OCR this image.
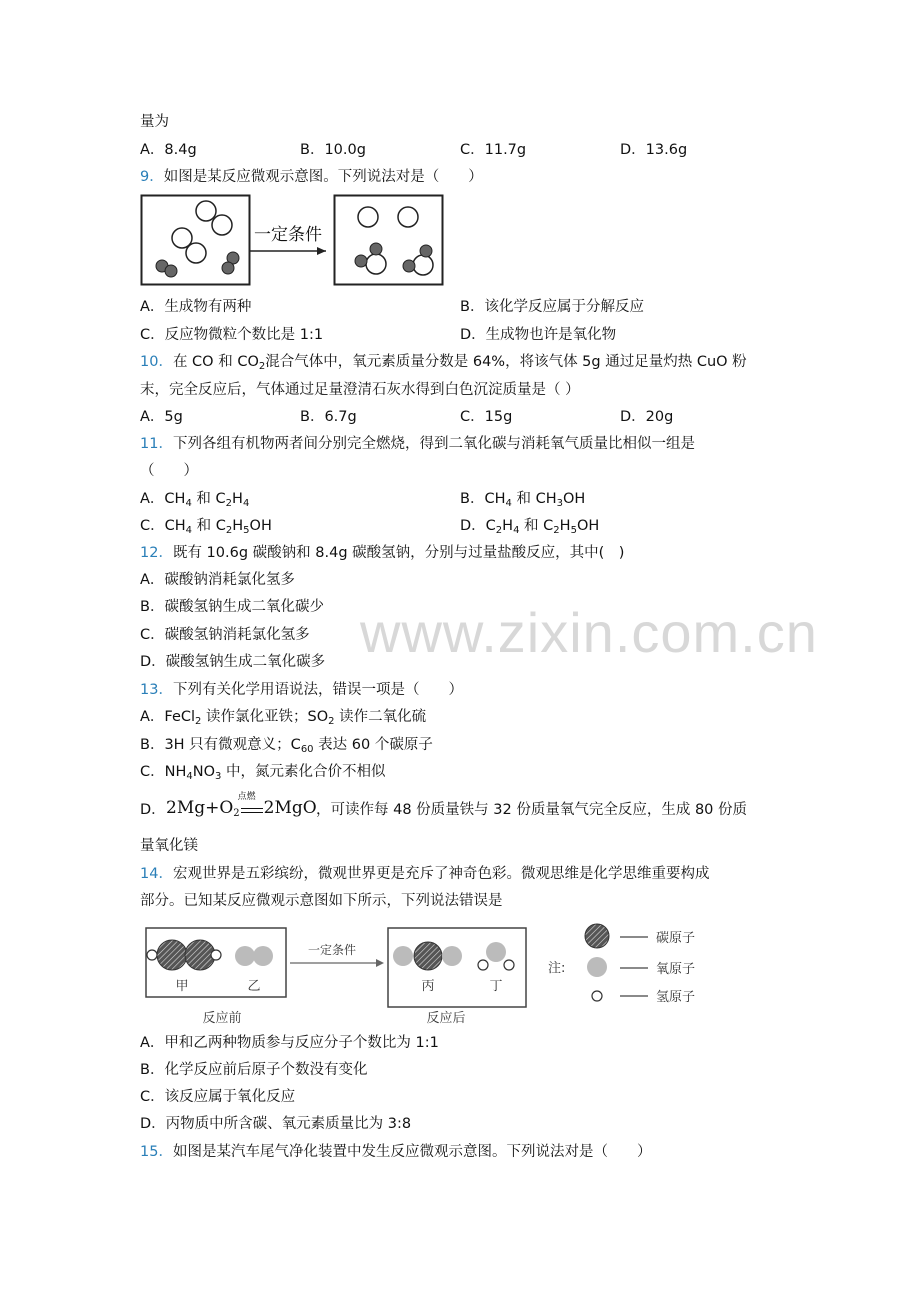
www.zixin.com.cn
量为
A．8.4g	B．10.0g	C．11.7g	D．13.6g
9．如图是某反应微观示意图。下列说法对是（　　）
一定条件
A．生成物有两种	B．该化学反应属于分解反应
C．反应物微粒个数比是 1:1	D．生成物也许是氧化物
10．在 CO 和 $CO_2$混合气体中，氧元素质量分数是 64%，将该气体 5g 通过足量灼热 CuO 粉
末，完全反应后，气体通过足量澄清石灰水得到白色沉淀质量是（ ）
A．5g	B．6.7g	C．15g	D．20g
11．下列各组有机物两者间分别完全燃烧，得到二氧化碳与消耗氧气质量比相似一组是
（　　）
A．$CH_4$ 和 $C_2H_4$	B．$CH_4$ 和 $CH_3OH$
C．$CH_4$ 和 $C_2H_5OH$	D．$C_2H_4$ 和 $C_2H_5OH$
12．既有 10.6g 碳酸钠和 8.4g 碳酸氢钠，分别与过量盐酸反应，其中(　)
A．碳酸钠消耗氯化氢多
B．碳酸氢钠生成二氧化碳少
C．碳酸氢钠消耗氯化氢多
D．碳酸氢钠生成二氧化碳多
13．下列有关化学用语说法，错误一项是（　　）
A．FeCl$_2$ 读作氯化亚铁；$SO_2$ 读作二氧化硫
B．3H 只有微观意义；$C_{60}$ 表达 60 个碳原子
C．$NH_4NO_3$ 中，氮元素化合价不相似
D． $2Mg+O_2$
点燃
2MgO ，可读作每 48 份质量铁与 32 份质量氧气完全反应，生成 80 份质
量氧化镁
14．宏观世界是五彩缤纷，微观世界更是充斥了神奇色彩。微观思维是化学思维重要构成
部分。已知某反应微观示意图如下所示，下列说法错误是
甲	乙
反应前
一定条件
丙	丁
反应后
注:
碳原子
氧原子
氢原子
A．甲和乙两种物质参与反应分子个数比为 1:1
B．化学反应前后原子个数没有变化
C．该反应属于氧化反应
D．丙物质中所含碳、氧元素质量比为 3:8
15．如图是某汽车尾气净化装置中发生反应微观示意图。下列说法对是（　　）
